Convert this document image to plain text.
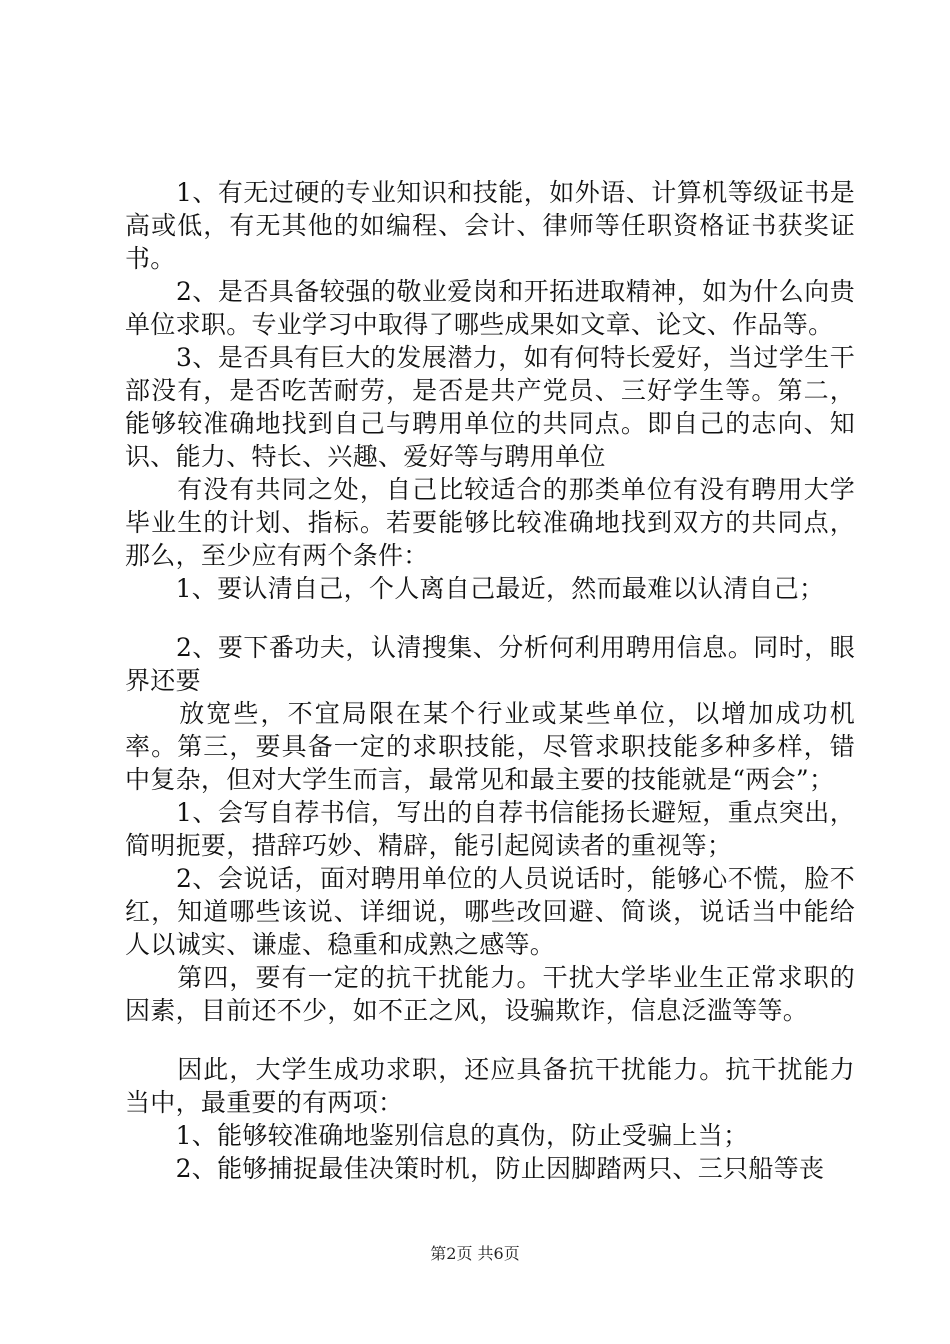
　　1、有无过硬的专业知识和技能，如外语、计算机等级证书是高或低，有无其他的如编程、会计、律师等任职资格证书获奖证书。

　　2、是否具备较强的敬业爱岗和开拓进取精神，如为什么向贵单位求职。专业学习中取得了哪些成果如文章、论文、作品等。

　　3、是否具有巨大的发展潜力，如有何特长爱好，当过学生干部没有，是否吃苦耐劳，是否是共产党员、三好学生等。第二，能够较准确地找到自己与聘用单位的共同点。即自己的志向、知识、能力、特长、兴趣、爱好等与聘用单位

　　有没有共同之处，自己比较适合的那类单位有没有聘用大学毕业生的计划、指标。若要能够比较准确地找到双方的共同点，那么，至少应有两个条件：

　　1、要认清自己，个人离自己最近，然而最难以认清自己；

　　2、要下番功夫，认清搜集、分析何利用聘用信息。同时，眼界还要

　　放宽些，不宜局限在某个行业或某些单位，以增加成功机率。第三，要具备一定的求职技能，尽管求职技能多种多样，错中复杂，但对大学生而言，最常见和最主要的技能就是“两会”；

　　1、会写自荐书信，写出的自荐书信能扬长避短，重点突出，简明扼要，措辞巧妙、精辟，能引起阅读者的重视等；

　　2、会说话，面对聘用单位的人员说话时，能够心不慌，脸不红，知道哪些该说、详细说，哪些改回避、简谈，说话当中能给人以诚实、谦虚、稳重和成熟之感等。

　　第四，要有一定的抗干扰能力。干扰大学毕业生正常求职的因素，目前还不少，如不正之风，设骗欺诈，信息泛滥等等。

　　因此，大学生成功求职，还应具备抗干扰能力。抗干扰能力当中，最重要的有两项：

　　1、能够较准确地鉴别信息的真伪，防止受骗上当；

　　2、能够捕捉最佳决策时机，防止因脚踏两只、三只船等丧

第2页 共6页
